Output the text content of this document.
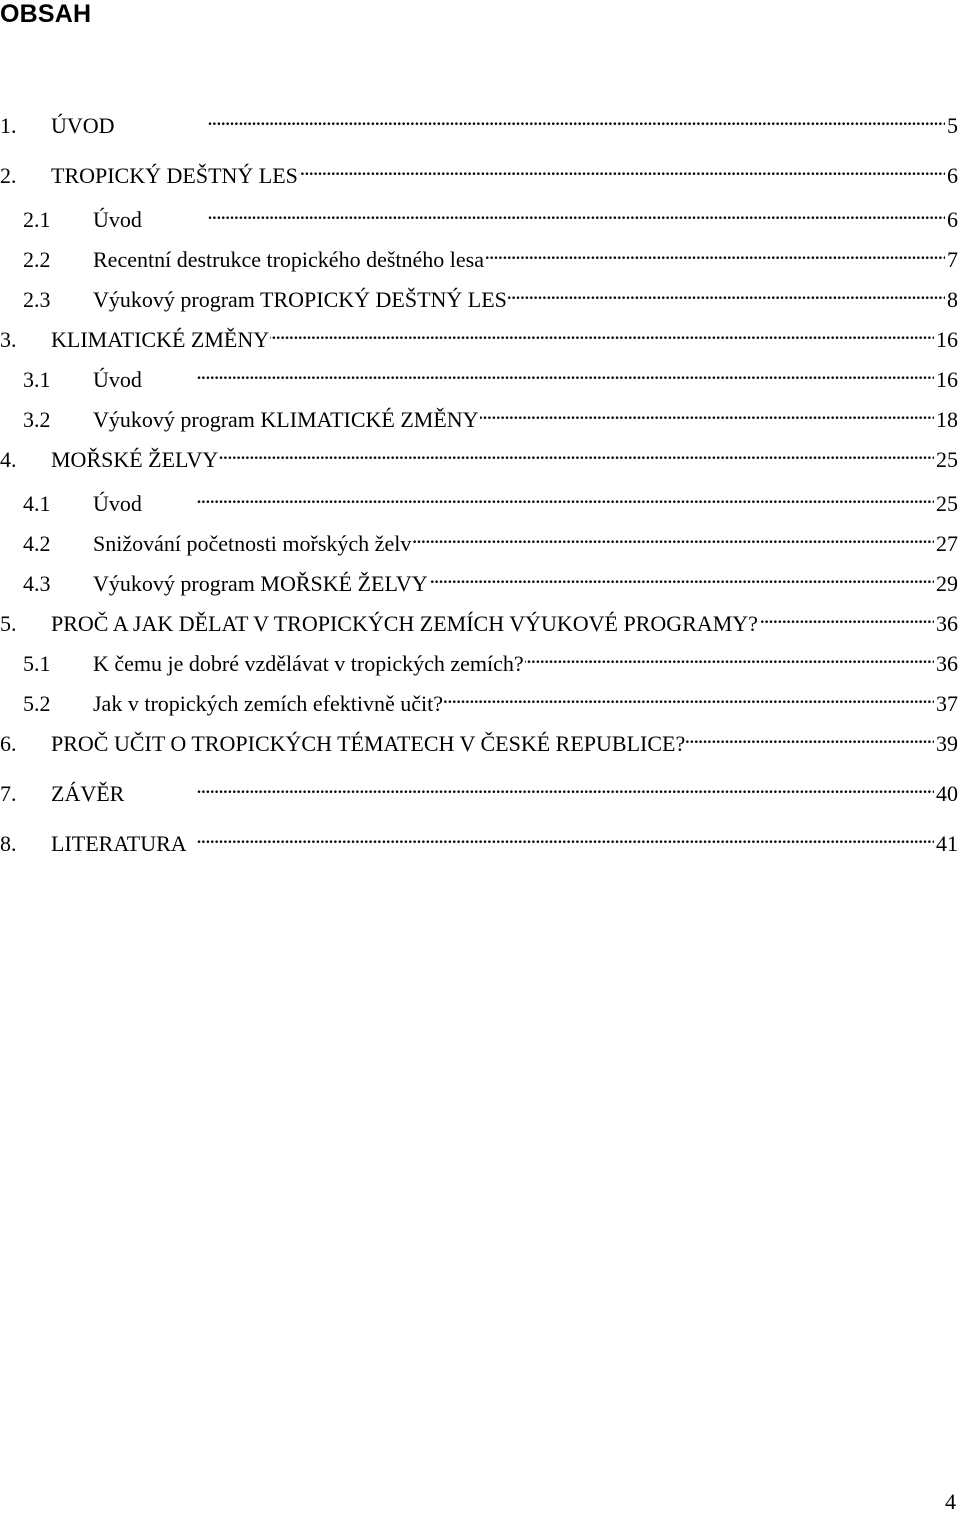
OBSAH
1.	ÚVOD . . .	5
2.	TROPICKÝ DEŠTNÝ LES . . .	6
2.1	Úvod . . .	6
2.2	Recentní destrukce tropického deštného lesa . . .	7
2.3	Výukový program TROPICKÝ DEŠTNÝ LES . . .	8
3.	KLIMATICKÉ ZMĚNY . . .	16
3.1	Úvod . . .	16
3.2	Výukový program KLIMATICKÉ ZMĚNY . . .	18
4.	MOŘSKÉ ŽELVY . . .	25
4.1	Úvod . . .	25
4.2	Snižování početnosti mořských želv . . .	27
4.3	Výukový program MOŘSKÉ ŽELVY . . .	29
5.	PROČ A JAK DĚLAT V TROPICKÝCH ZEMÍCH VÝUKOVÉ PROGRAMY? . . .	36
5.1	K čemu je dobré vzdělávat v tropických zemích? . . .	36
5.2	Jak v tropických zemích efektivně učit? . . .	37
6.	PROČ UČIT O TROPICKÝCH TÉMATECH V ČESKÉ REPUBLICE? . . .	39
7.	ZÁVĚR . . .	40
8.	LITERATURA . . .	41
4
